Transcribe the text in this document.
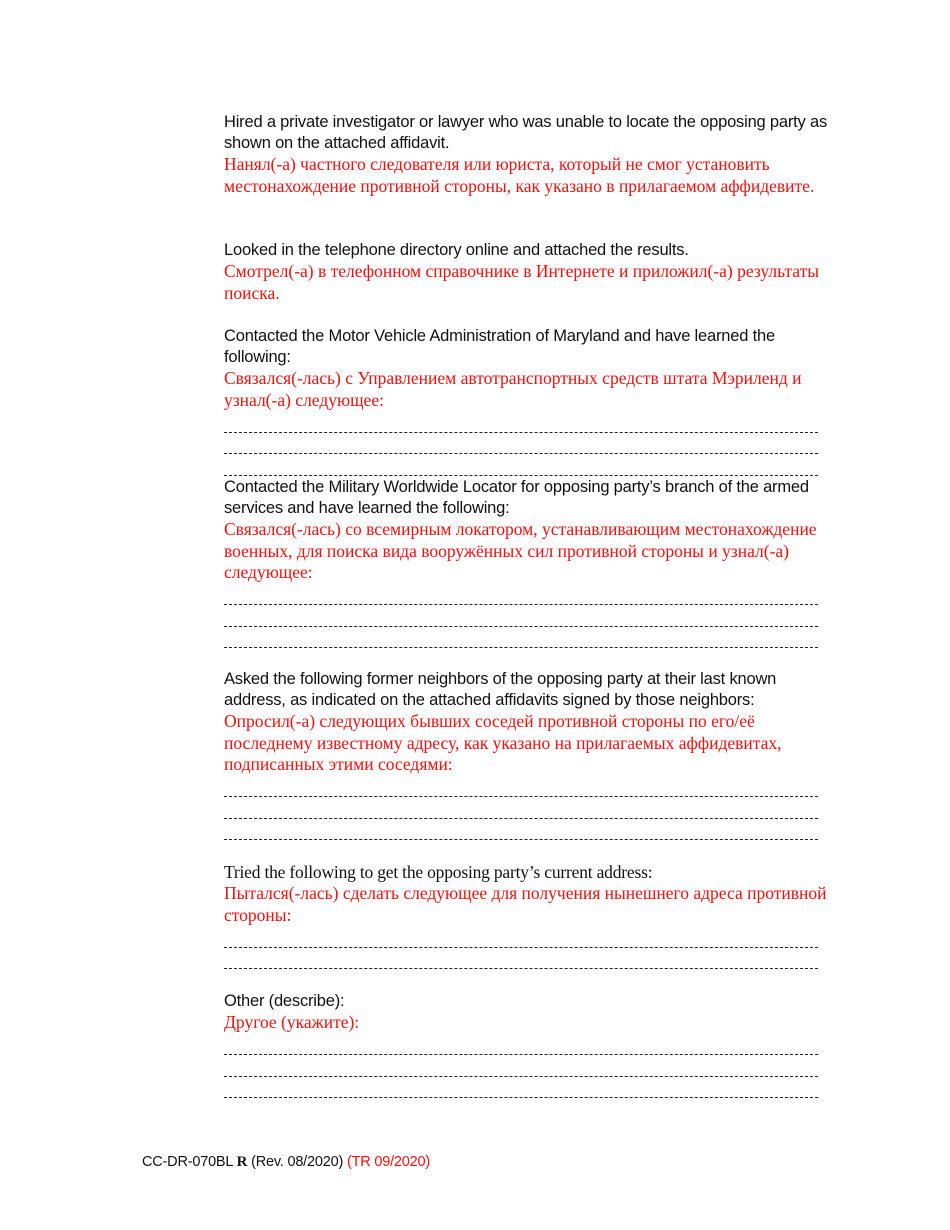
Hired a private investigator or lawyer who was unable to locate the opposing party as shown on the attached affidavit.
Нанял(-а) частного следователя или юриста, который не смог установить местонахождение противной стороны, как указано в прилагаемом аффидевите.
Looked in the telephone directory online and attached the results.
Смотрел(-а) в телефонном справочнике в Интернете и приложил(-а) результаты поиска.
Contacted the Motor Vehicle Administration of Maryland and have learned the following:
Связался(-лась) с Управлением автотранспортных средств штата Мэриленд и узнал(-а) следующее:
Contacted the Military Worldwide Locator for opposing party’s branch of the armed services and have learned the following:
Связался(-лась) со всемирным локатором, устанавливающим местонахождение военных, для поиска вида вооружённых сил противной стороны и узнал(-а) следующее:
Asked the following former neighbors of the opposing party at their last known address, as indicated on the attached affidavits signed by those neighbors:
Опросил(-а) следующих бывших соседей противной стороны по его/её последнему известному адресу, как указано на прилагаемых аффидевитах, подписанных этими соседями:
Tried the following to get the opposing party’s current address:
Пытался(-лась) сделать следующее для получения нынешнего адреса противной стороны:
Other (describe):
Другое (укажите):
CC-DR-070BL R (Rev. 08/2020) (TR 09/2020)
